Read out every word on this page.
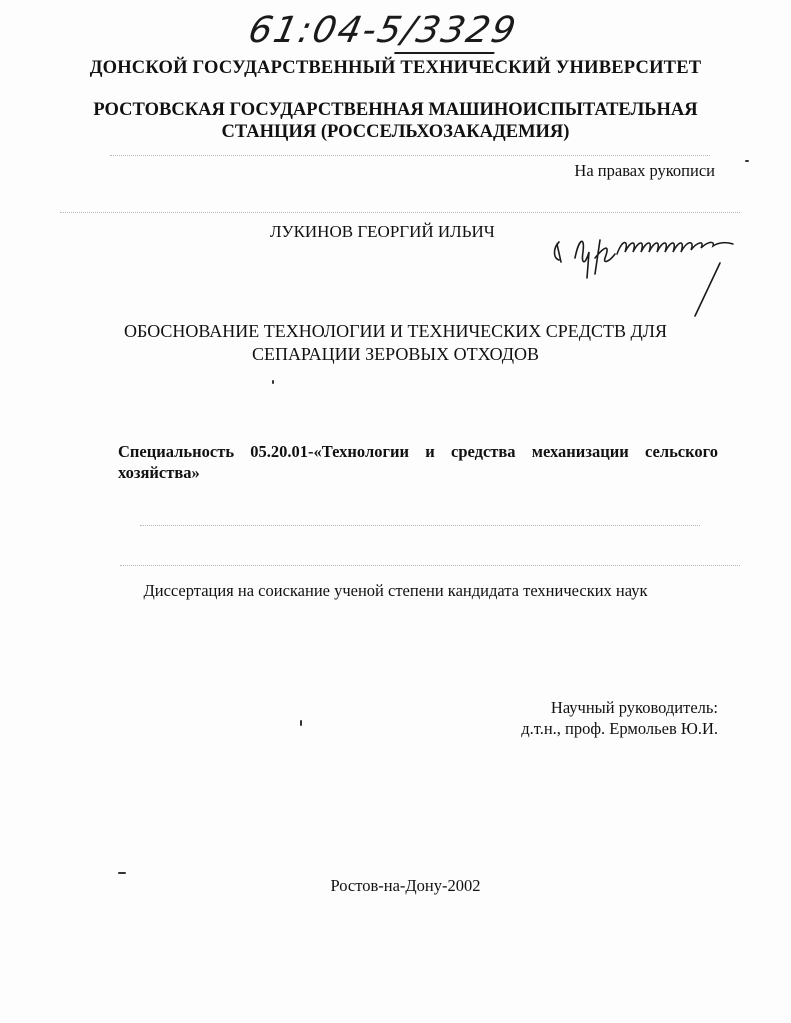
61:04-5/3329
ДОНСКОЙ ГОСУДАРСТВЕННЫЙ ТЕХНИЧЕСКИЙ УНИВЕРСИТЕТ
РОСТОВСКАЯ ГОСУДАРСТВЕННАЯ МАШИНОИСПЫТАТЕЛЬНАЯ
СТАНЦИЯ (РОССЕЛЬХОЗАКАДЕМИЯ)
На правах рукописи
ЛУКИНОВ ГЕОРГИЙ ИЛЬИЧ
ОБОСНОВАНИЕ ТЕХНОЛОГИИ И ТЕХНИЧЕСКИХ СРЕДСТВ ДЛЯ
СЕПАРАЦИИ ЗЕРОВЫХ ОТХОДОВ
Специальность 05.20.01-«Технологии и средства механизации сельского хозяйства»
Диссертация на соискание ученой степени кандидата технических наук
Научный руководитель:
д.т.н., проф. Ермольев Ю.И.
Ростов-на-Дону-2002
